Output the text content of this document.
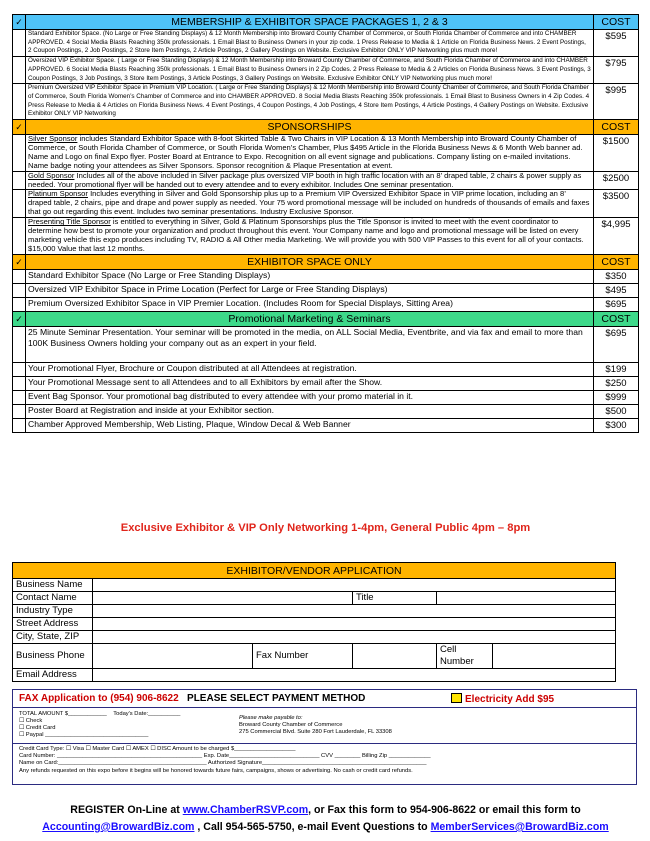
✓	MEMBERSHIP & EXHIBITOR SPACE PACKAGES 1, 2 & 3	COST
	Standard Exhibitor Space. (No Large or Free Standing Displays) & 12 Month Membership into Broward County Chamber of Commerce, or South Florida Chamber of Commerce and into CHAMBER APPROVED. 4 Social Media Blasts Reaching 350k professionals. 1 Email Blast to Business Owners in your zip code. 1 Press Release to Media & 1 Article on Florida Business News. 2 Event Postings, 2 Coupon Postings, 2 Job Postings, 2 Store Item Postings, 2 Article Postings, 2 Gallery Postings on Website. Exclusive Exhibitor ONLY VIP Networking plus much more!	$595
	Oversized VIP Exhibitor Space. ( Large or Free Standing Displays) & 12 Month Membership into Broward County Chamber of Commerce, and South Florida Chamber of Commerce and into CHAMBER APPROVED. 6 Social Media Blasts Reaching 350k professionals. 1 Email Blast to Business Owners in 2 Zip Codes. 2 Press Release to Media & 2 Articles on Florida Business News. 3 Event Postings, 3 Coupon Postings, 3 Job Postings, 3 Store Item Postings, 3 Article Postings, 3 Gallery Postings on Website. Exclusive Exhibitor ONLY VIP Networking plus much more!	$795
	Premium Oversized VIP Exhibitor Space in Premium VIP Location. ( Large or Free Standing Displays) & 12 Month Membership into Broward County Chamber of Commerce, and South Florida Chamber of Commerce, South Florida Women’s Chamber of Commerce and into CHAMBER APPROVED. 8 Social Media Blasts Reaching 350k professionals. 1 Email Blast to Business Owners in 4 Zip Codes. 4 Press Release to Media & 4 Articles on Florida Business News. 4 Event Postings, 4 Coupon Postings, 4 Job Postings, 4 Store Item Postings, 4 Article Postings, 4 Gallery Postings on Website. Exclusive Exhibitor ONLY VIP Networking	$995
✓	SPONSORSHIPS	COST
	Silver Sponsor includes Standard Exhibitor Space with 8-foot Skirted Table & Two Chairs in VIP Location & 13 Month Membership into Broward County Chamber of Commerce, or South Florida Chamber of Commerce, or South Florida Women’s Chamber, Plus $495 Article in the Florida Business News & 6 Month Web banner ad. Name and Logo on final Expo flyer. Poster Board at Entrance to Expo. Recognition on all event signage and publications. Company listing on e-mailed invitations. Name badge noting your attendees as Silver Sponsors. Sponsor recognition & Plaque Presentation at event.	$1500
	Gold Sponsor Includes all of the above included in Silver package plus oversized VIP booth in high traffic location with an 8’ draped table, 2 chairs & power supply as needed. Your promotional flyer will be handed out to every attendee and to every exhibitor. Includes One seminar presentation.	$2500
	Platinum Sponsor Includes everything in Silver and Gold Sponsorship plus up to a Premium VIP Oversized Exhibitor Space in VIP prime location, including an 8’ draped table, 2 chairs, pipe and drape and power supply as needed. Your 75 word promotional message will be included on hundreds of thousands of emails and faxes that go out regarding this event. Includes two seminar presentations. Industry Exclusive Sponsor.	$3500
	Presenting Title Sponsor is entitled to everything in Silver, Gold & Platinum Sponsorships plus the Title Sponsor is invited to meet with the event coordinator to determine how best to promote your organization and product throughout this event. Your Company name and logo and promotional message will be listed on every marketing vehicle this expo produces including TV, RADIO & All Other media Marketing. We will provide you with 500 VIP Passes to this event for all of your contacts. $15,000 Value that last 12 months.	$4,995
✓	EXHIBITOR SPACE ONLY	COST
	Standard Exhibitor Space (No Large or Free Standing Displays)	$350
	Oversized VIP Exhibitor Space in Prime Location (Perfect for Large or Free Standing Displays)	$495
	Premium Oversized Exhibitor Space in VIP Premier Location. (Includes Room for Special Displays, Sitting Area)	$695
✓	Promotional Marketing & Seminars	COST
	25 Minute Seminar Presentation. Your seminar will be promoted in the media, on ALL Social Media, Eventbrite, and via fax and email to more than 100K Business Owners holding your company out as an expert in your field.	$695
	Your Promotional Flyer, Brochure or Coupon distributed at all Attendees at registration.	$199
	Your Promotional Message sent to all Attendees and to all Exhibitors by email after the Show.	$250
	Event Bag Sponsor. Your promotional bag distributed to every attendee with your promo material in it.	$999
	Poster Board at Registration and inside at your Exhibitor section.	$500
	Chamber Approved Membership, Web Listing, Plaque, Window Decal & Web Banner	$300
Exclusive Exhibitor & VIP Only Networking 1-4pm, General Public 4pm – 8pm
EXHIBITOR/VENDOR APPLICATION					
Business Name					
Contact Name			Title		
Industry Type					
Street Address					
City, State, ZIP					
Business Phone		Fax Number		Cell Number	
Email Address					
FAX Application to (954) 906-8622 PLEASE SELECT PAYMENT METHOD	Electricity Add $95
TOTAL AMOUNT $____________ Today's Date:__________
☐ Check
☐ Credit Card
☐ Paypal ________________________________
Please make payable to:
Broward County Chamber of Commerce
275 Commercial Blvd. Suite 280 Fort Lauderdale, FL 33308
Credit Card Type: ☐ Visa ☐ Master Card ☐ AMEX ☐ DISC Amount to be charged $___________________
Card Number: _____________________________________________ Exp. Date____________________________ CVV ________ Billing Zip _____________
Name on Card:______________________________________________ Authorized Signature___________________________________________________
Any refunds requested on this expo before it begins will be honored towards future fairs, campaigns, shows or advertising. No cash or credit card refunds.
REGISTER On-Line at www.ChamberRSVP.com, or Fax this form to 954-906-8622 or email this form to
Accounting@BrowardBiz.com , Call 954-565-5750, e-mail Event Questions to MemberServices@BrowardBiz.com
